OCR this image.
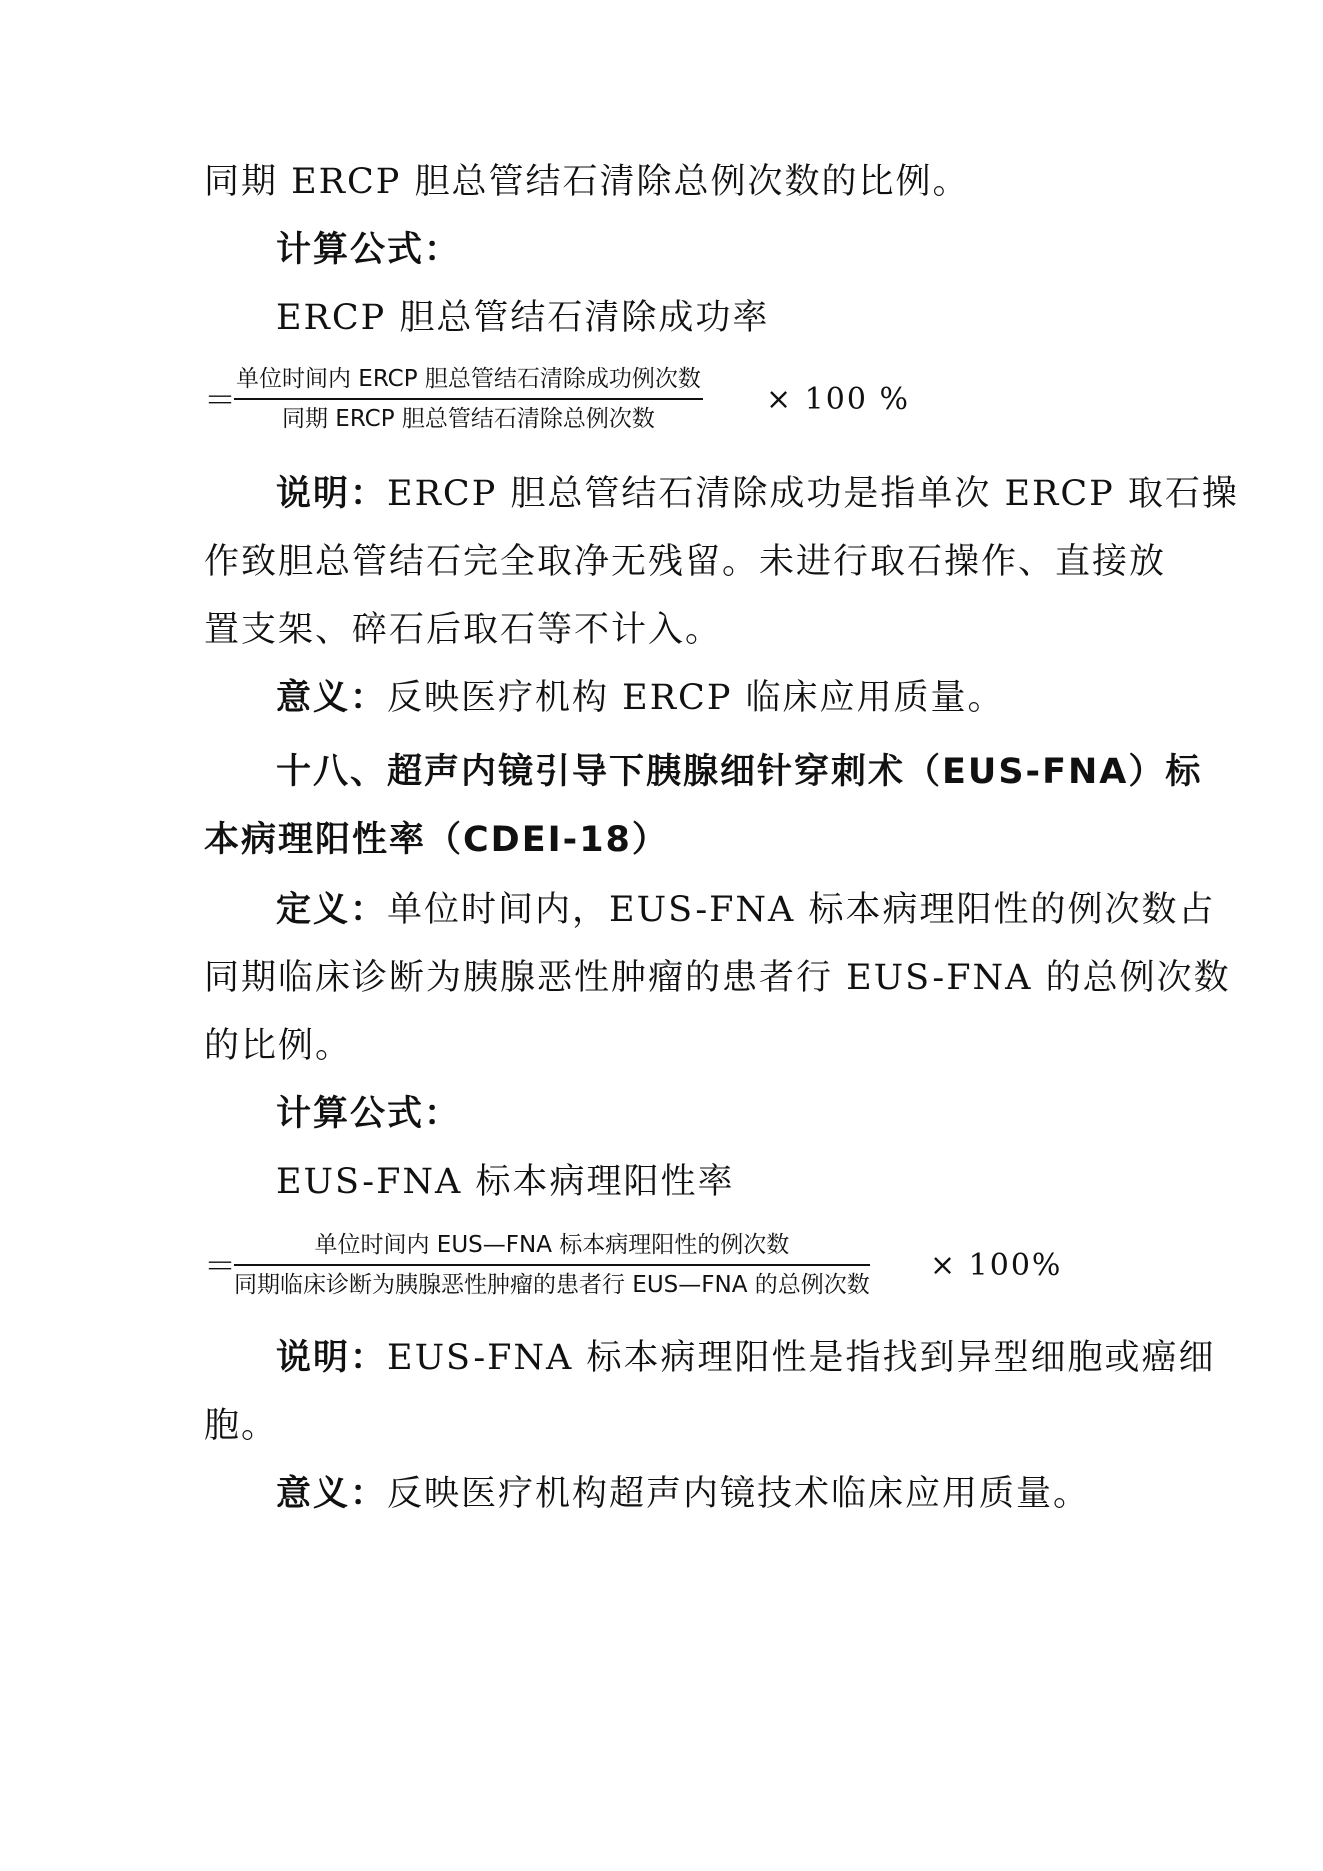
同期 ERCP 胆总管结石清除总例次数的比例。
计算公式：
ERCP 胆总管结石清除成功率
＝
单位时间内 ERCP 胆总管结石清除成功例次数
同期 ERCP 胆总管结石清除总例次数
× 100 %
说明：ERCP 胆总管结石清除成功是指单次 ERCP 取石操
作致胆总管结石完全取净无残留。未进行取石操作、直接放
置支架、碎石后取石等不计入。
意义：反映医疗机构 ERCP 临床应用质量。
十八、超声内镜引导下胰腺细针穿刺术（EUS-FNA）标
本病理阳性率（CDEI-18）
定义：单位时间内，EUS-FNA 标本病理阳性的例次数占
同期临床诊断为胰腺恶性肿瘤的患者行 EUS-FNA 的总例次数
的比例。
计算公式：
EUS-FNA 标本病理阳性率
＝
单位时间内 EUS—FNA 标本病理阳性的例次数
同期临床诊断为胰腺恶性肿瘤的患者行 EUS—FNA 的总例次数
× 100%
说明：EUS-FNA 标本病理阳性是指找到异型细胞或癌细
胞。
意义：反映医疗机构超声内镜技术临床应用质量。
